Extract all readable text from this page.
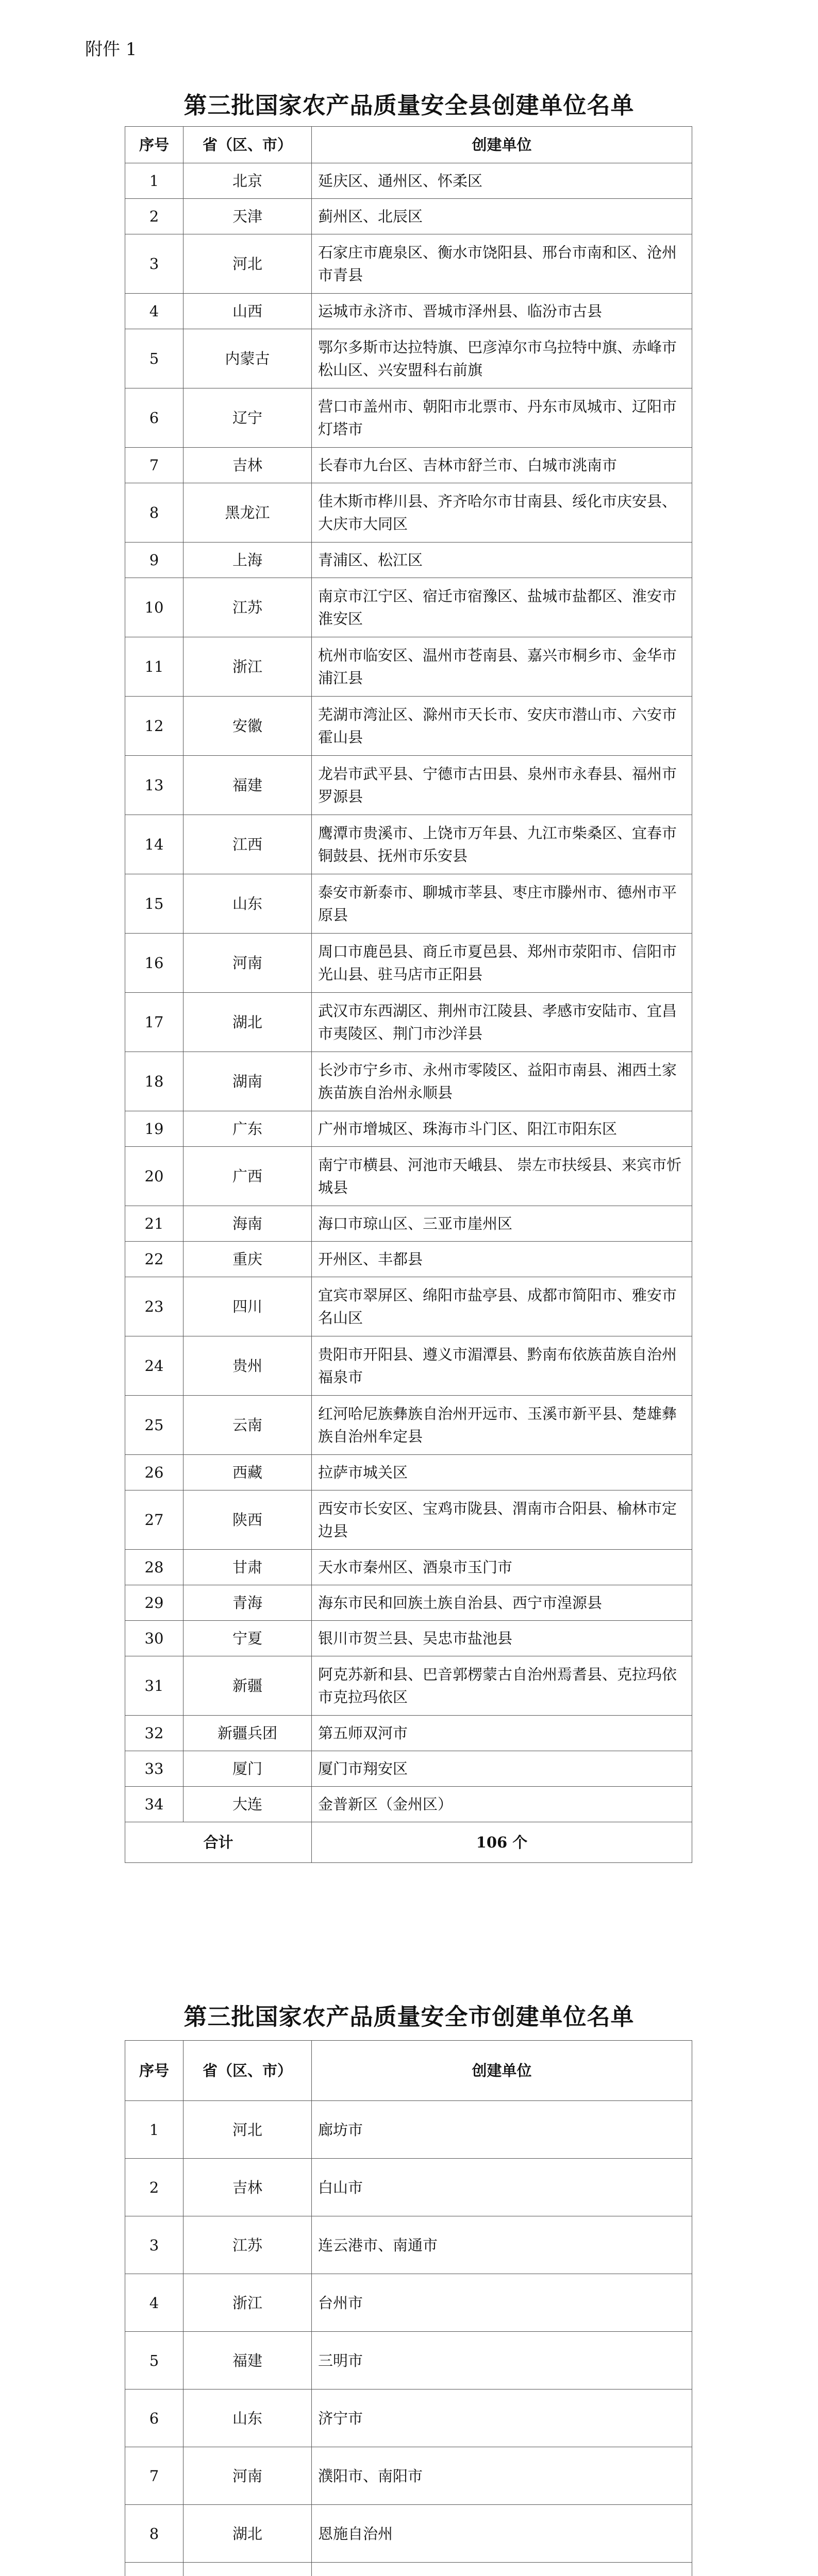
附件 1

第三批国家农产品质量安全县创建单位名单
序号	省（区、市）	创建单位
1	北京	延庆区、通州区、怀柔区
2	天津	蓟州区、北辰区
3	河北	石家庄市鹿泉区、衡水市饶阳县、邢台市南和区、沧州市青县
4	山西	运城市永济市、晋城市泽州县、临汾市古县
5	内蒙古	鄂尔多斯市达拉特旗、巴彦淖尔市乌拉特中旗、赤峰市松山区、兴安盟科右前旗
6	辽宁	营口市盖州市、朝阳市北票市、丹东市凤城市、辽阳市灯塔市
7	吉林	长春市九台区、吉林市舒兰市、白城市洮南市
8	黑龙江	佳木斯市桦川县、齐齐哈尔市甘南县、绥化市庆安县、大庆市大同区
9	上海	青浦区、松江区
10	江苏	南京市江宁区、宿迁市宿豫区、盐城市盐都区、淮安市淮安区
11	浙江	杭州市临安区、温州市苍南县、嘉兴市桐乡市、金华市浦江县
12	安徽	芜湖市湾沚区、滁州市天长市、安庆市潜山市、六安市霍山县
13	福建	龙岩市武平县、宁德市古田县、泉州市永春县、福州市罗源县
14	江西	鹰潭市贵溪市、上饶市万年县、九江市柴桑区、宜春市铜鼓县、抚州市乐安县
15	山东	泰安市新泰市、聊城市莘县、枣庄市滕州市、德州市平原县
16	河南	周口市鹿邑县、商丘市夏邑县、郑州市荥阳市、信阳市光山县、驻马店市正阳县
17	湖北	武汉市东西湖区、荆州市江陵县、孝感市安陆市、宜昌市夷陵区、荆门市沙洋县
18	湖南	长沙市宁乡市、永州市零陵区、益阳市南县、湘西土家族苗族自治州永顺县
19	广东	广州市增城区、珠海市斗门区、阳江市阳东区
20	广西	南宁市横县、河池市天峨县、 崇左市扶绥县、来宾市忻城县
21	海南	海口市琼山区、三亚市崖州区
22	重庆	开州区、丰都县
23	四川	宜宾市翠屏区、绵阳市盐亭县、成都市简阳市、雅安市名山区
24	贵州	贵阳市开阳县、遵义市湄潭县、黔南布依族苗族自治州福泉市
25	云南	红河哈尼族彝族自治州开远市、玉溪市新平县、楚雄彝族自治州牟定县
26	西藏	拉萨市城关区
27	陕西	西安市长安区、宝鸡市陇县、渭南市合阳县、榆林市定边县
28	甘肃	天水市秦州区、酒泉市玉门市
29	青海	海东市民和回族土族自治县、西宁市湟源县
30	宁夏	银川市贺兰县、吴忠市盐池县
31	新疆	阿克苏新和县、巴音郭楞蒙古自治州焉耆县、克拉玛依市克拉玛依区
32	新疆兵团	第五师双河市
33	厦门	厦门市翔安区
34	大连	金普新区（金州区）
合计		106 个
第三批国家农产品质量安全市创建单位名单
序号	省（区、市）	创建单位
1	河北	廊坊市
2	吉林	白山市
3	江苏	连云港市、南通市
4	浙江	台州市
5	福建	三明市
6	山东	济宁市
7	河南	濮阳市、南阳市
8	湖北	恩施自治州
